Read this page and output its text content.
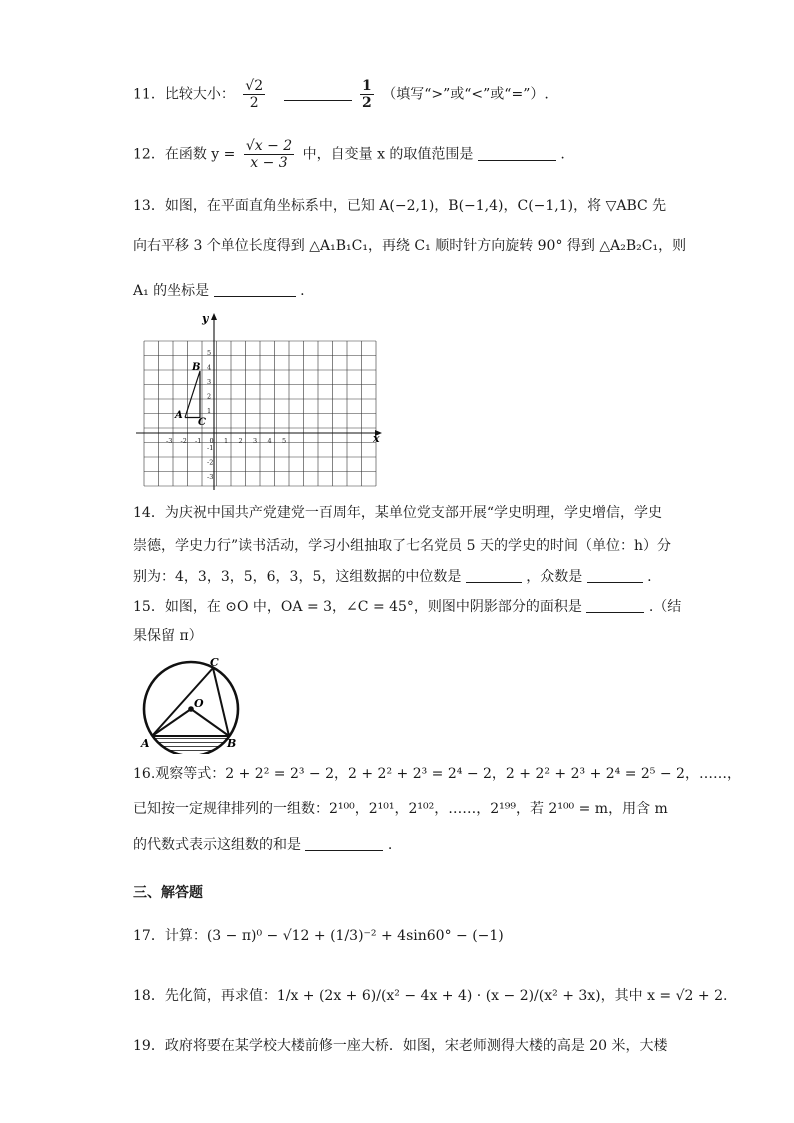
11．比较大小： $\frac{√2}{2}$
	$\frac{1}{2}$ （填写“>”或“<”或“=”）.
12．在函数 $y = \frac{√x - 2}{x - 3}$ 中，自变量 x 的取值范围是	.
13．如图，在平面直角坐标系中，已知 A(−2,1)，B(−1,4)，C(−1,1)，将 ▽ABC 先
向右平移 3 个单位长度得到 △A₁B₁C₁，再绕 C₁ 顺时针方向旋转 90° 得到 △A₂B₂C₁，则
A₁ 的坐标是	.
x
y
-3 -2 -1 0 1 2 3 4 5
5
4
3
2
1
-1
-2
-3
A
B
C
14．为庆祝中国共产党建党一百周年，某单位党支部开展“学史明理，学史增信，学史
崇德，学史力行”读书活动，学习小组抽取了七名党员 5 天的学史的时间（单位：h）分
别为：4，3，3，5，6，3，5，这组数据的中位数是	，众数是	.
15．如图，在 ⊙O 中，OA = 3，∠C = 45°，则图中阴影部分的面积是	.（结
果保留 π）
C
O
A	B
16.观察等式：2 + 2² = 2³ − 2，2 + 2² + 2³ = 2⁴ − 2，2 + 2² + 2³ + 2⁴ = 2⁵ − 2，……，
已知按一定规律排列的一组数：2¹⁰⁰，2¹⁰¹，2¹⁰²，……，2¹⁹⁹，若 2¹⁰⁰ = m，用含 m
的代数式表示这组数的和是	.
三、解答题
17．计算：(3 − π)⁰ − √12 + (1/3)⁻² + 4sin60° − (−1)
18．先化简，再求值：1/x + (2x + 6)/(x² − 4x + 4) · (x − 2)/(x² + 3x)，其中 x = √2 + 2.
19．政府将要在某学校大楼前修一座大桥．如图，宋老师测得大楼的高是 20 米，大楼
